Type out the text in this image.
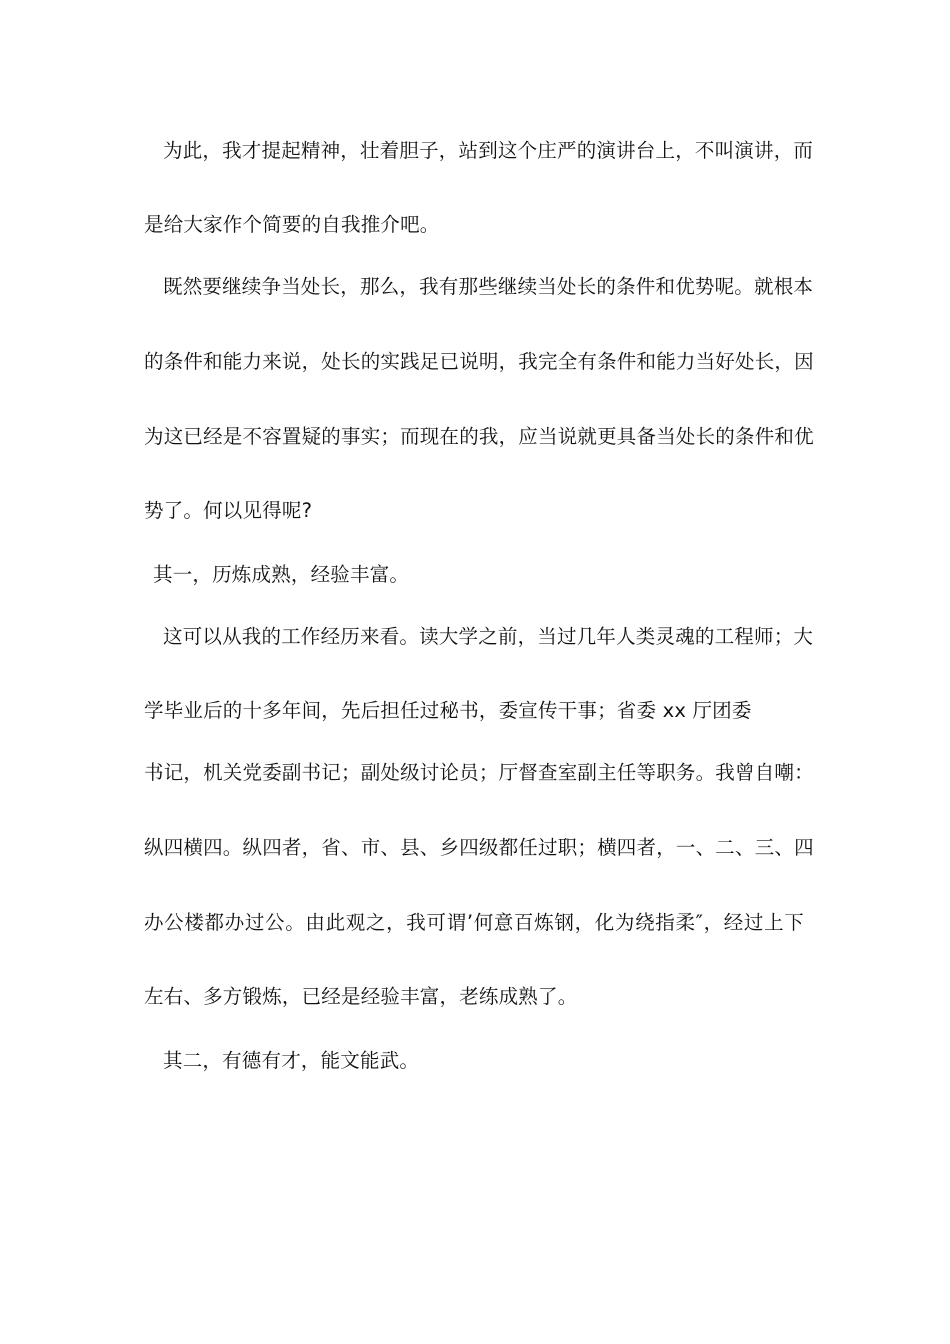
为此，我才提起精神，壮着胆子，站到这个庄严的演讲台上，不叫演讲，而
是给大家作个简要的自我推介吧。
既然要继续争当处长，那么，我有那些继续当处长的条件和优势呢。就根本
的条件和能力来说，处长的实践足已说明，我完全有条件和能力当好处长，因
为这已经是不容置疑的事实；而现在的我，应当说就更具备当处长的条件和优
势了。何以见得呢?
其一，历炼成熟，经验丰富。
这可以从我的工作经历来看。读大学之前，当过几年人类灵魂的工程师；大
学毕业后的十多年间，先后担任过秘书，委宣传干事；省委 xx 厅团委
书记，机关党委副书记；副处级讨论员；厅督查室副主任等职务。我曾自嘲：
纵四横四。纵四者，省、市、县、乡四级都任过职；横四者，一、二、三、四
办公楼都办过公。由此观之，我可谓’何意百炼钢，化为绕指柔″，经过上下
左右、多方锻炼，已经是经验丰富，老练成熟了。
其二，有德有才，能文能武。
